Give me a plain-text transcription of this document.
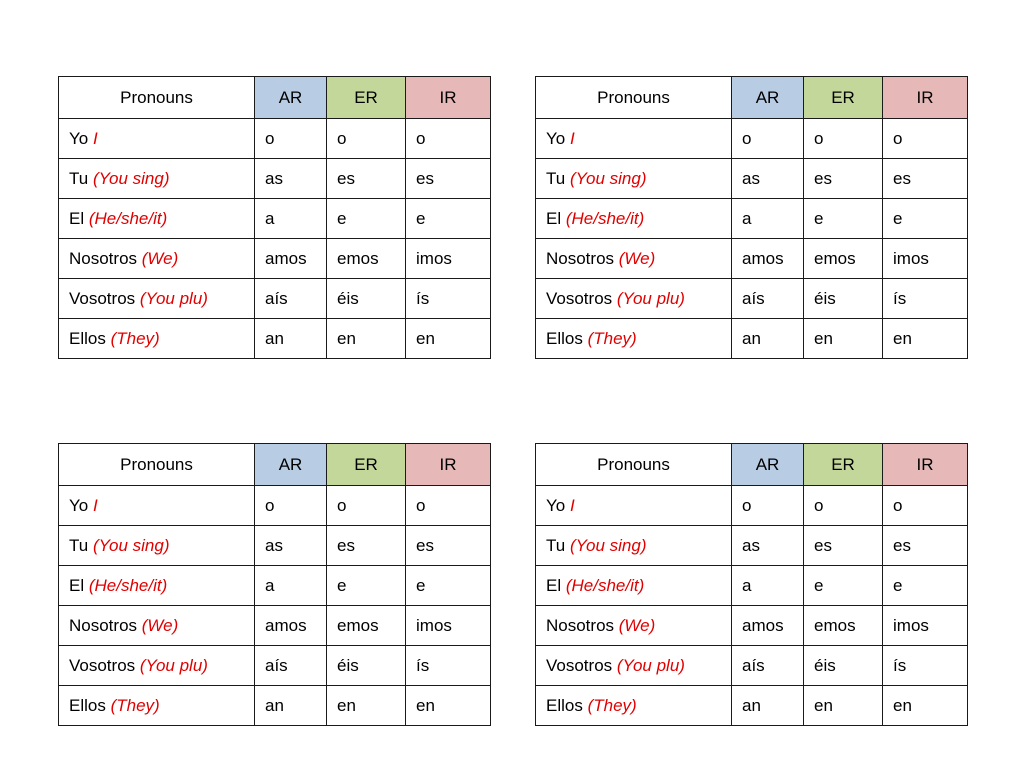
Pronouns	AR	ER	IR
Yo I	o	o	o
Tu (You sing)	as	es	es
El (He/she/it)	a	e	e
Nosotros (We)	amos	emos	imos
Vosotros (You plu)	aís	éis	ís
Ellos (They)	an	en	en
Pronouns	AR	ER	IR
Yo I	o	o	o
Tu (You sing)	as	es	es
El (He/she/it)	a	e	e
Nosotros (We)	amos	emos	imos
Vosotros (You plu)	aís	éis	ís
Ellos (They)	an	en	en
Pronouns	AR	ER	IR
Yo I	o	o	o
Tu (You sing)	as	es	es
El (He/she/it)	a	e	e
Nosotros (We)	amos	emos	imos
Vosotros (You plu)	aís	éis	ís
Ellos (They)	an	en	en
Pronouns	AR	ER	IR
Yo I	o	o	o
Tu (You sing)	as	es	es
El (He/she/it)	a	e	e
Nosotros (We)	amos	emos	imos
Vosotros (You plu)	aís	éis	ís
Ellos (They)	an	en	en
